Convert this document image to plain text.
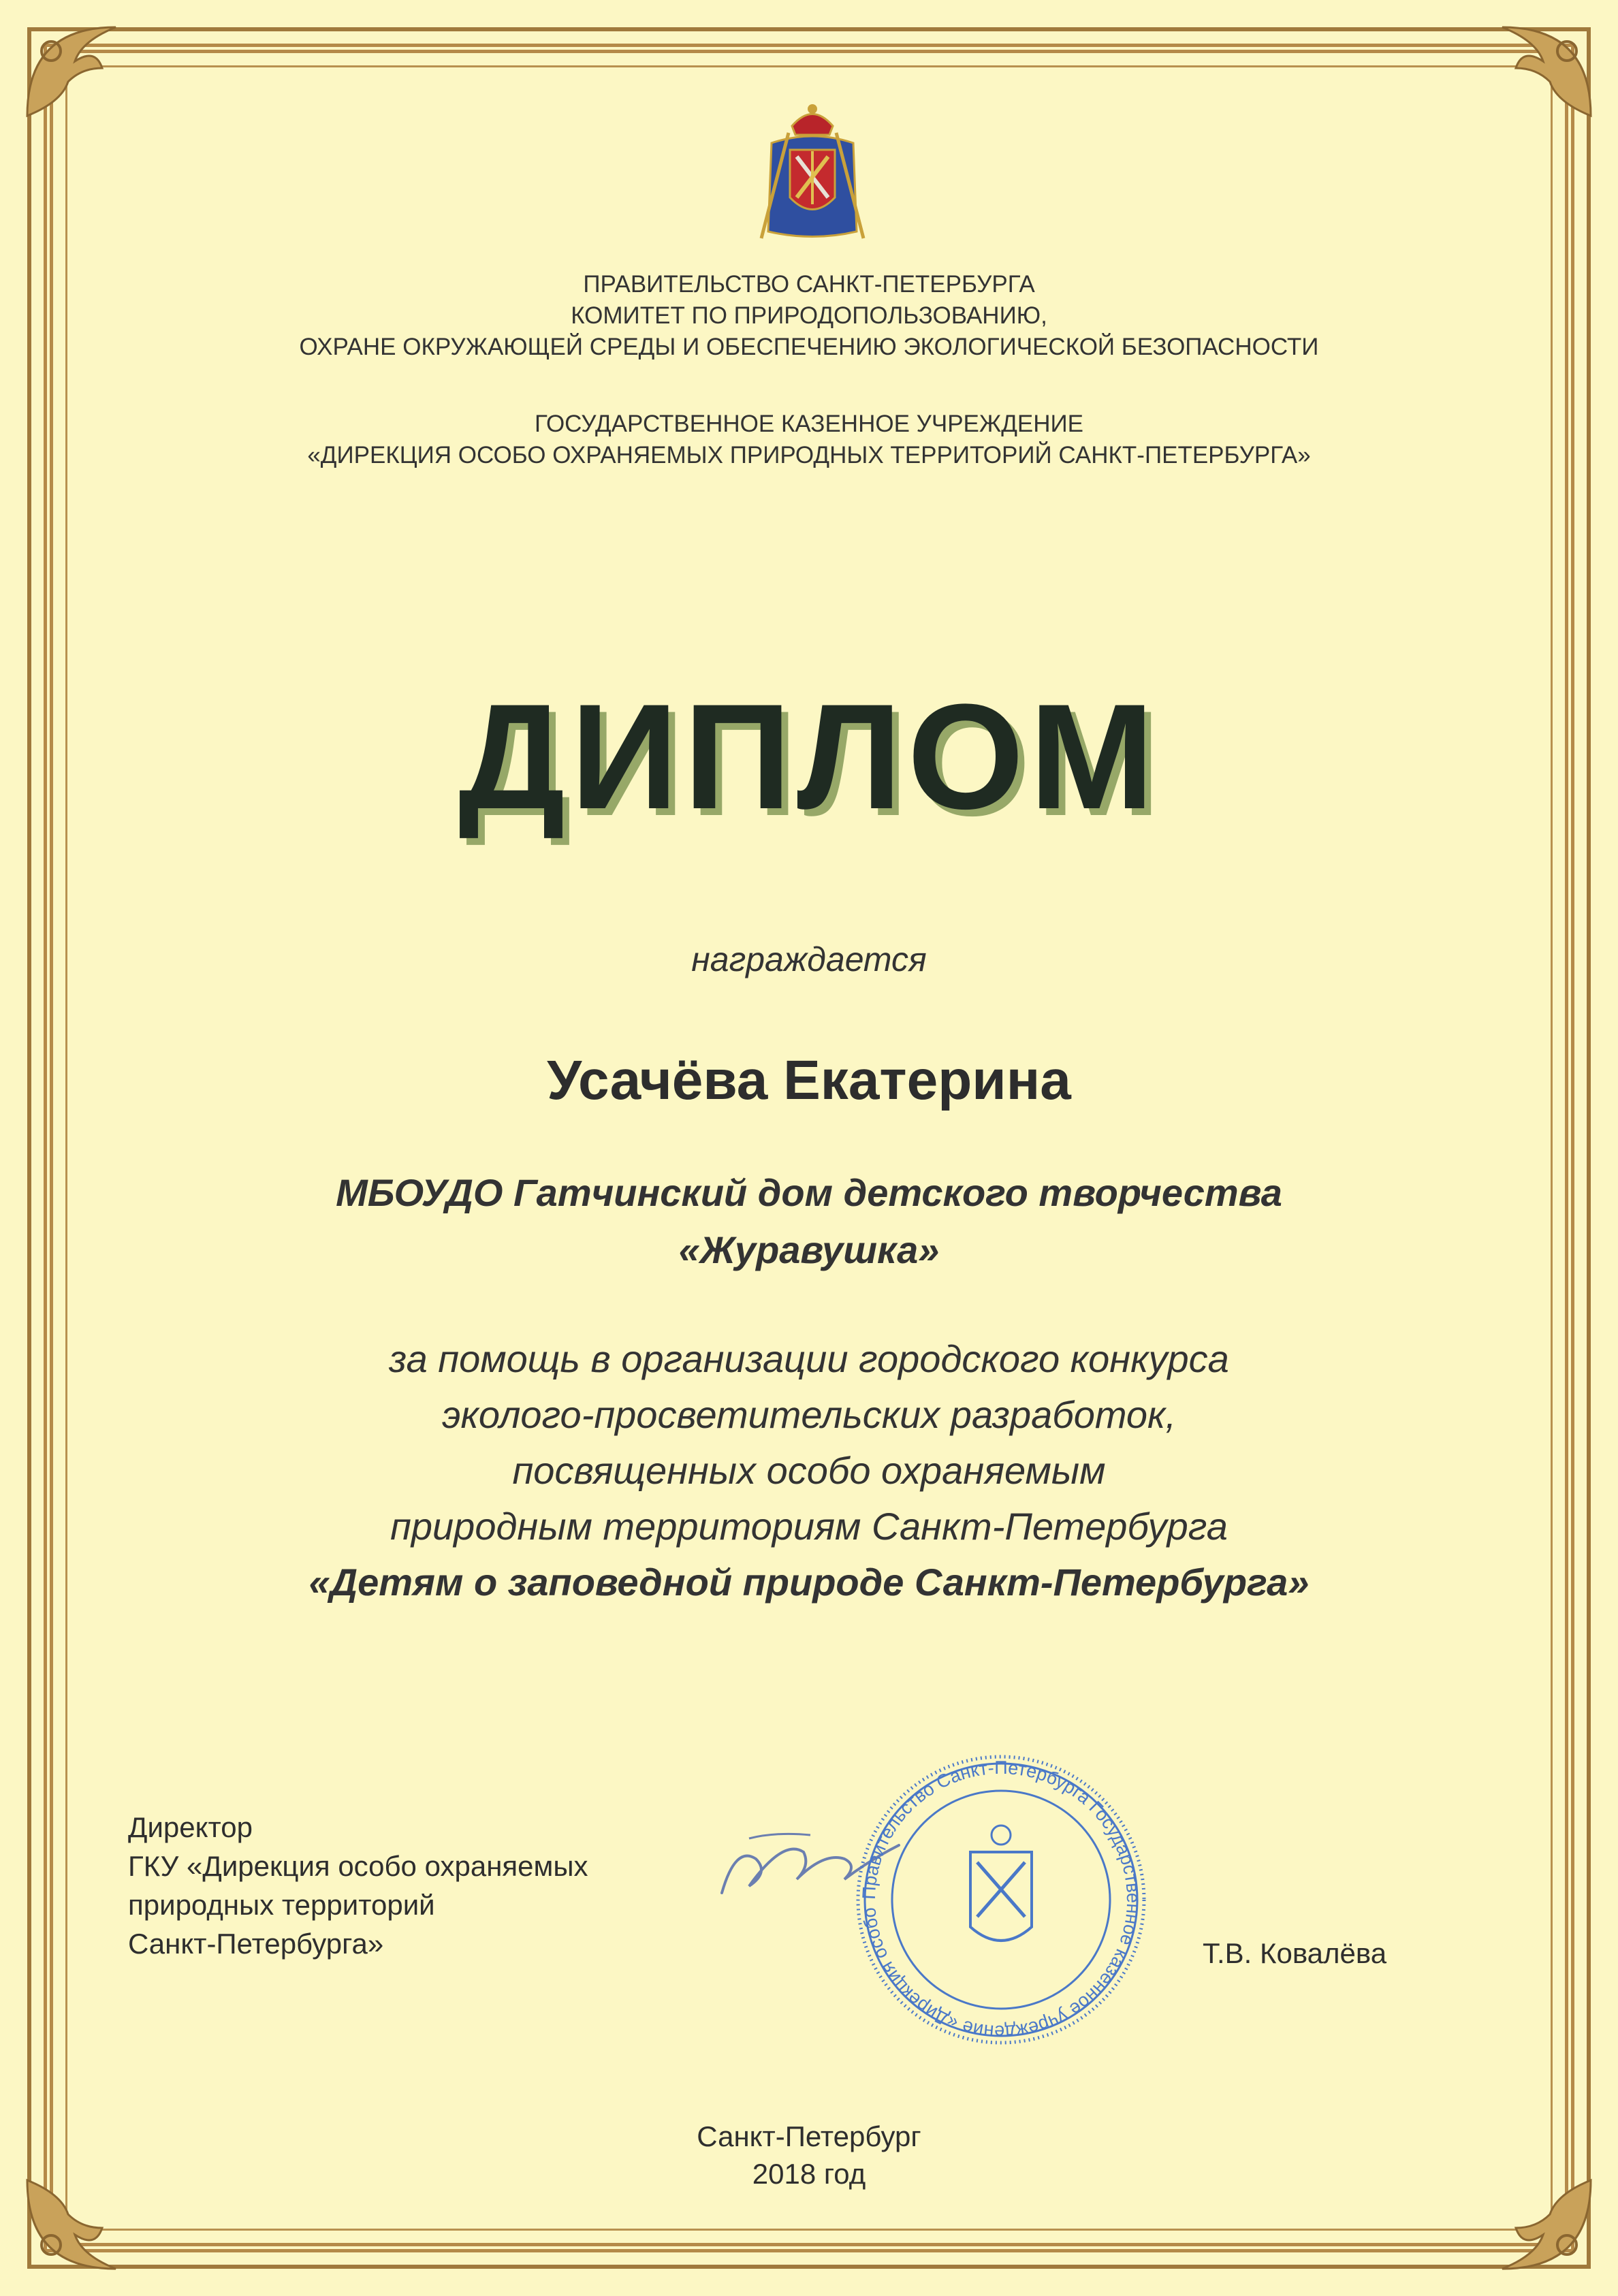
ПРАВИТЕЛЬСТВО САНКТ-ПЕТЕРБУРГА
КОМИТЕТ ПО ПРИРОДОПОЛЬЗОВАНИЮ,
ОХРАНЕ ОКРУЖАЮЩЕЙ СРЕДЫ И ОБЕСПЕЧЕНИЮ ЭКОЛОГИЧЕСКОЙ БЕЗОПАСНОСТИ
ГОСУДАРСТВЕННОЕ КАЗЕННОЕ УЧРЕЖДЕНИЕ
«ДИРЕКЦИЯ ОСОБО ОХРАНЯЕМЫХ ПРИРОДНЫХ ТЕРРИТОРИЙ САНКТ-ПЕТЕРБУРГА»
ДИПЛОМ
награждается
Усачёва Екатерина
МБОУДО Гатчинский дом детского творчества
«Журавушка»
за помощь в организации городского конкурса
эколого-просветительских разработок,
посвященных особо охраняемым
природным территориям Санкт-Петербурга
«Детям о заповедной природе Санкт-Петербурга»
Директор
ГКУ «Дирекция особо охраняемых
природных территорий
Санкт-Петербурга»
Правительство Санкт-Петербурга Государственное казенное учреждение «Дирекция особо
Т.В. Ковалёва
Санкт-Петербург
2018 год
